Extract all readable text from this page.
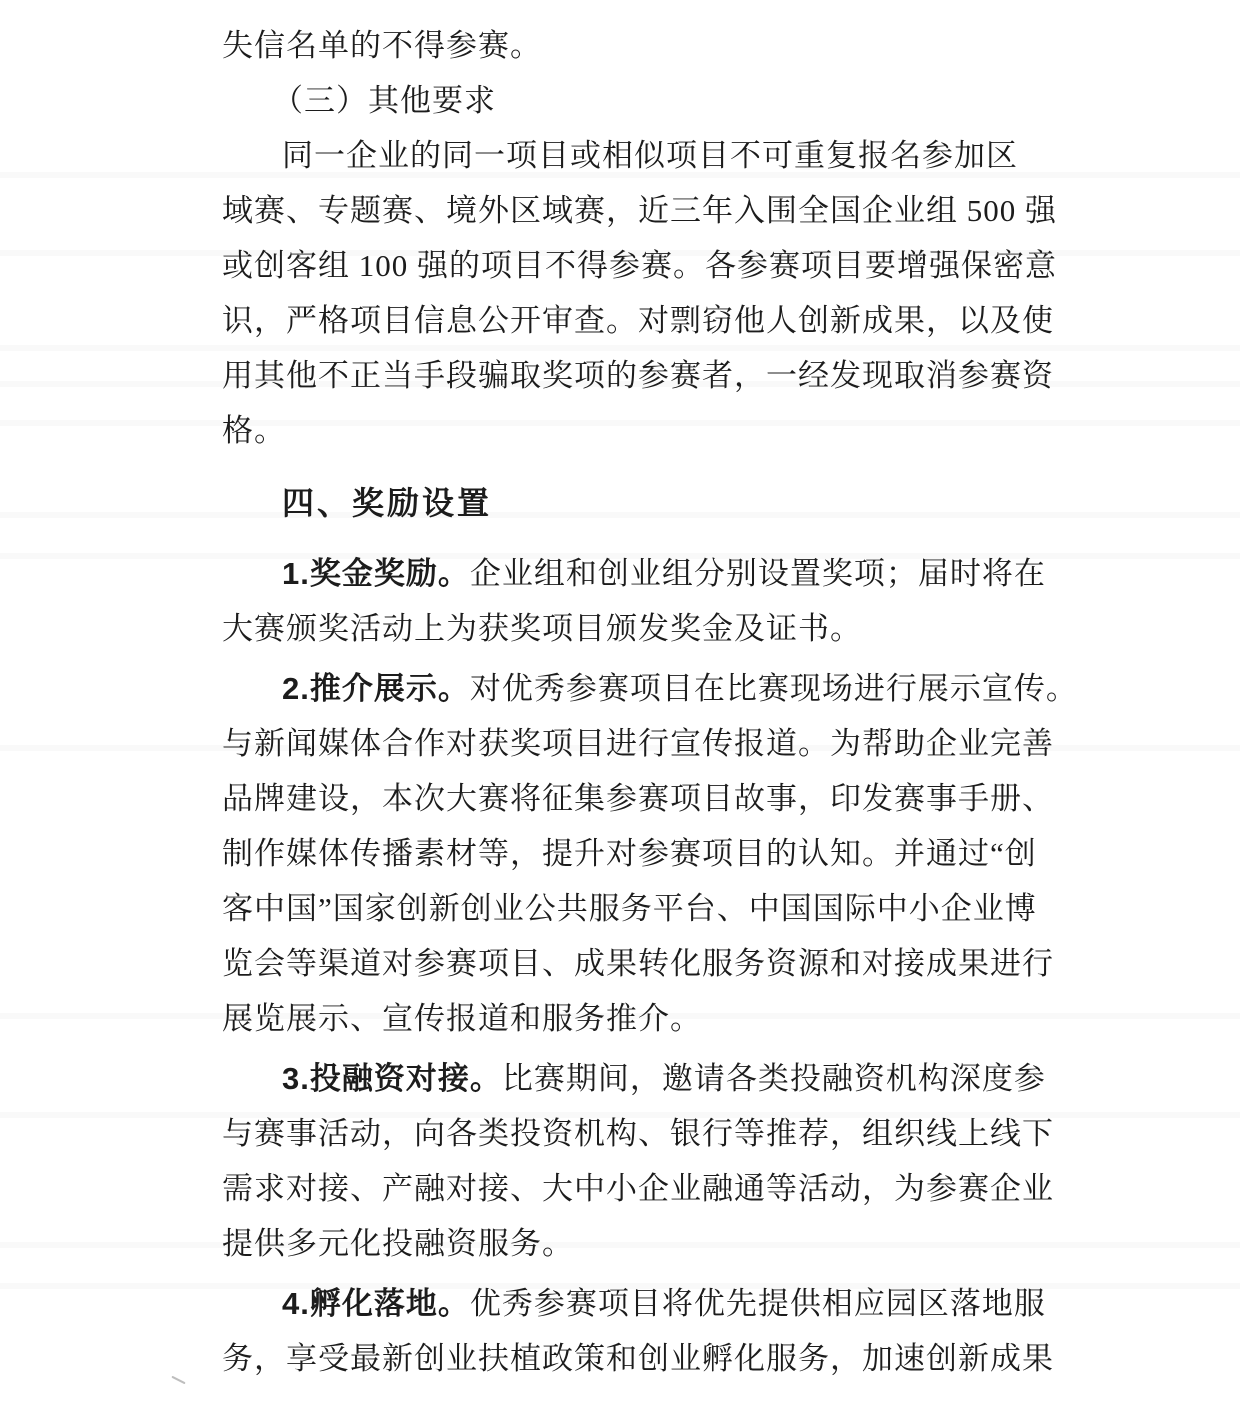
失信名单的不得参赛。
（三）其他要求
同一企业的同一项目或相似项目不可重复报名参加区
域赛、专题赛、境外区域赛，近三年入围全国企业组 500 强
或创客组 100 强的项目不得参赛。各参赛项目要增强保密意
识，严格项目信息公开审查。对剽窃他人创新成果，以及使
用其他不正当手段骗取奖项的参赛者，一经发现取消参赛资
格。
四、奖励设置
1.奖金奖励。企业组和创业组分别设置奖项；届时将在
大赛颁奖活动上为获奖项目颁发奖金及证书。
2.推介展示。对优秀参赛项目在比赛现场进行展示宣传。
与新闻媒体合作对获奖项目进行宣传报道。为帮助企业完善
品牌建设，本次大赛将征集参赛项目故事，印发赛事手册、
制作媒体传播素材等，提升对参赛项目的认知。并通过“创
客中国”国家创新创业公共服务平台、中国国际中小企业博
览会等渠道对参赛项目、成果转化服务资源和对接成果进行
展览展示、宣传报道和服务推介。
3.投融资对接。比赛期间，邀请各类投融资机构深度参
与赛事活动，向各类投资机构、银行等推荐，组织线上线下
需求对接、产融对接、大中小企业融通等活动，为参赛企业
提供多元化投融资服务。
4.孵化落地。优秀参赛项目将优先提供相应园区落地服
务，享受最新创业扶植政策和创业孵化服务，加速创新成果
